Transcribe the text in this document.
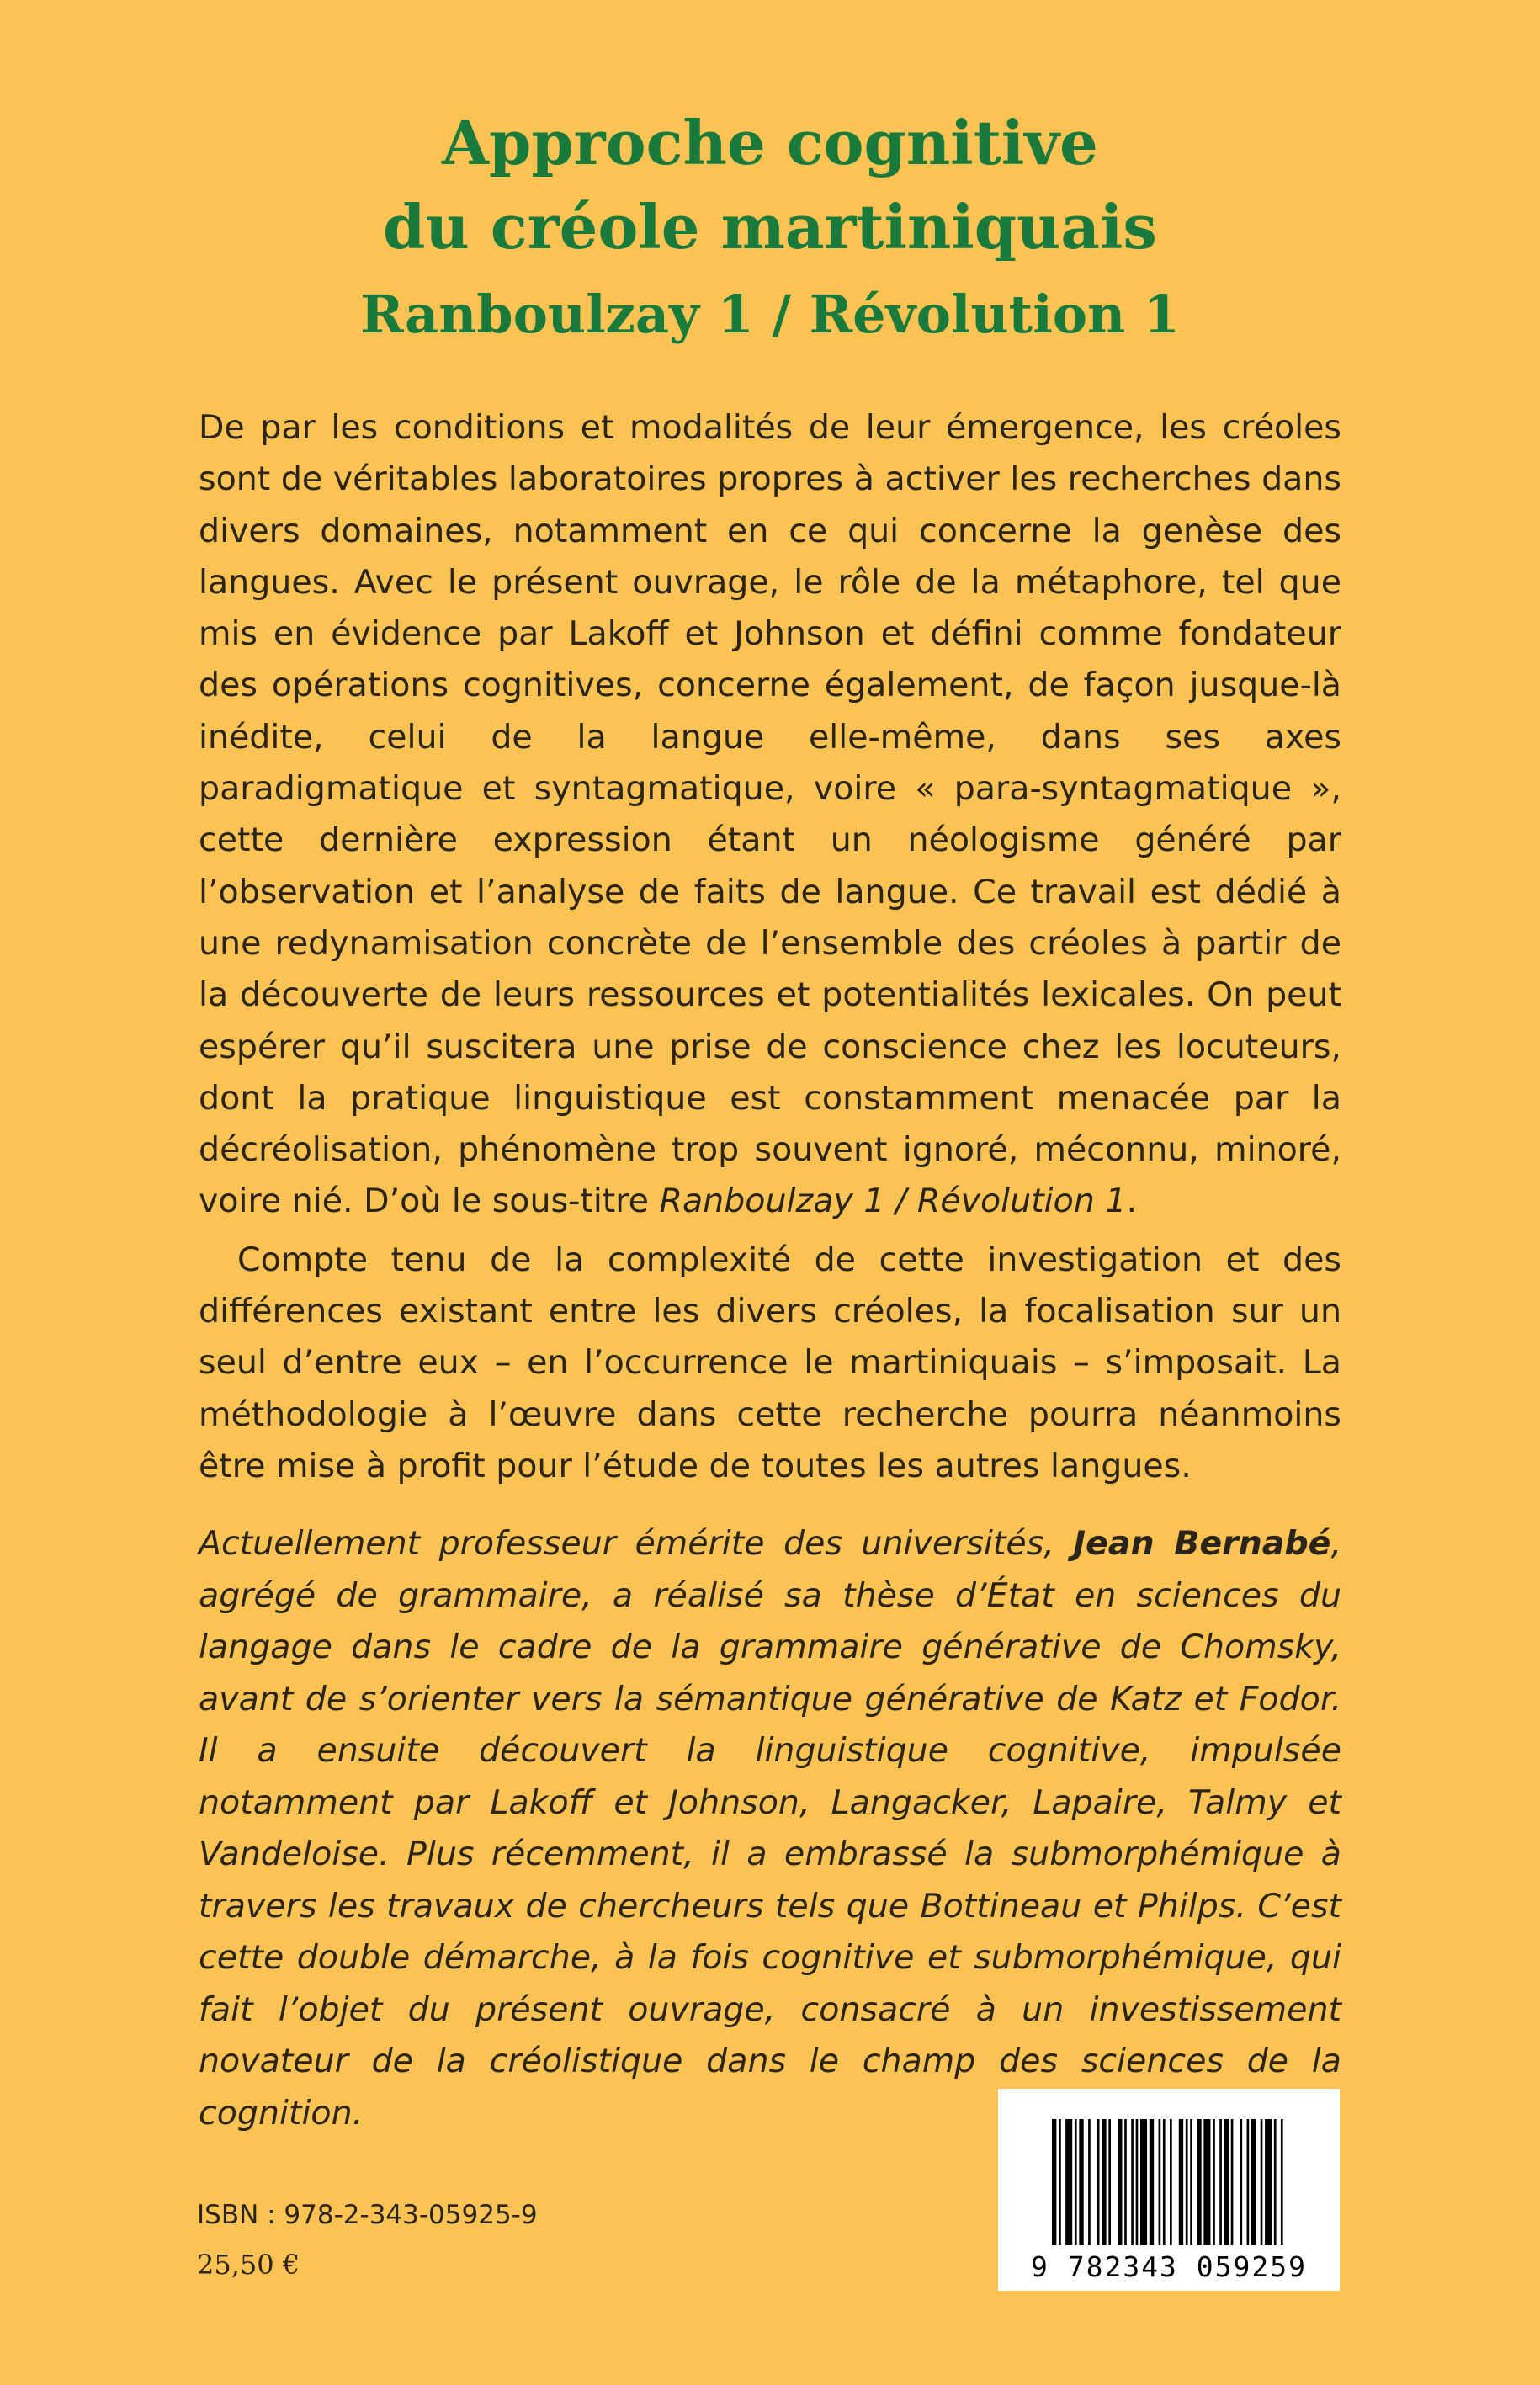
Approche cognitive
du créole martiniquais
Ranboulzay 1 / Révolution 1

De par les conditions et modalités de leur émergence, les créoles sont de véritables laboratoires propres à activer les recherches dans divers domaines, notamment en ce qui concerne la genèse des langues. Avec le présent ouvrage, le rôle de la métaphore, tel que mis en évidence par Lakoff et Johnson et défini comme fondateur des opérations cognitives, concerne également, de façon jusque-là inédite, celui de la langue elle-même, dans ses axes paradigmatique et syntagmatique, voire « para-syntagmatique », cette dernière expression étant un néologisme généré par l’observation et l’analyse de faits de langue. Ce travail est dédié à une redynamisation concrète de l’ensemble des créoles à partir de la découverte de leurs ressources et potentialités lexicales. On peut espérer qu’il suscitera une prise de conscience chez les locuteurs, dont la pratique linguistique est constamment menacée par la décréolisation, phénomène trop souvent ignoré, méconnu, minoré, voire nié. D’où le sous-titre Ranboulzay 1 / Révolution 1.

Compte tenu de la complexité de cette investigation et des différences existant entre les divers créoles, la focalisation sur un seul d’entre eux – en l’occurrence le martiniquais – s’imposait. La méthodologie à l’œuvre dans cette recherche pourra néanmoins être mise à profit pour l’étude de toutes les autres langues.

Actuellement professeur émérite des universités, Jean Bernabé, agrégé de grammaire, a réalisé sa thèse d’État en sciences du langage dans le cadre de la grammaire générative de Chomsky, avant de s’orienter vers la sémantique générative de Katz et Fodor. Il a ensuite découvert la linguistique cognitive, impulsée notamment par Lakoff et Johnson, Langacker, Lapaire, Talmy et Vandeloise. Plus récemment, il a embrassé la submorphémique à travers les travaux de chercheurs tels que Bottineau et Philps. C’est cette double démarche, à la fois cognitive et submorphémique, qui fait l’objet du présent ouvrage, consacré à un investissement novateur de la créolistique dans le champ des sciences de la cognition.

ISBN : 978-2-343-05925-9
25,50 €	9 782343 059259
